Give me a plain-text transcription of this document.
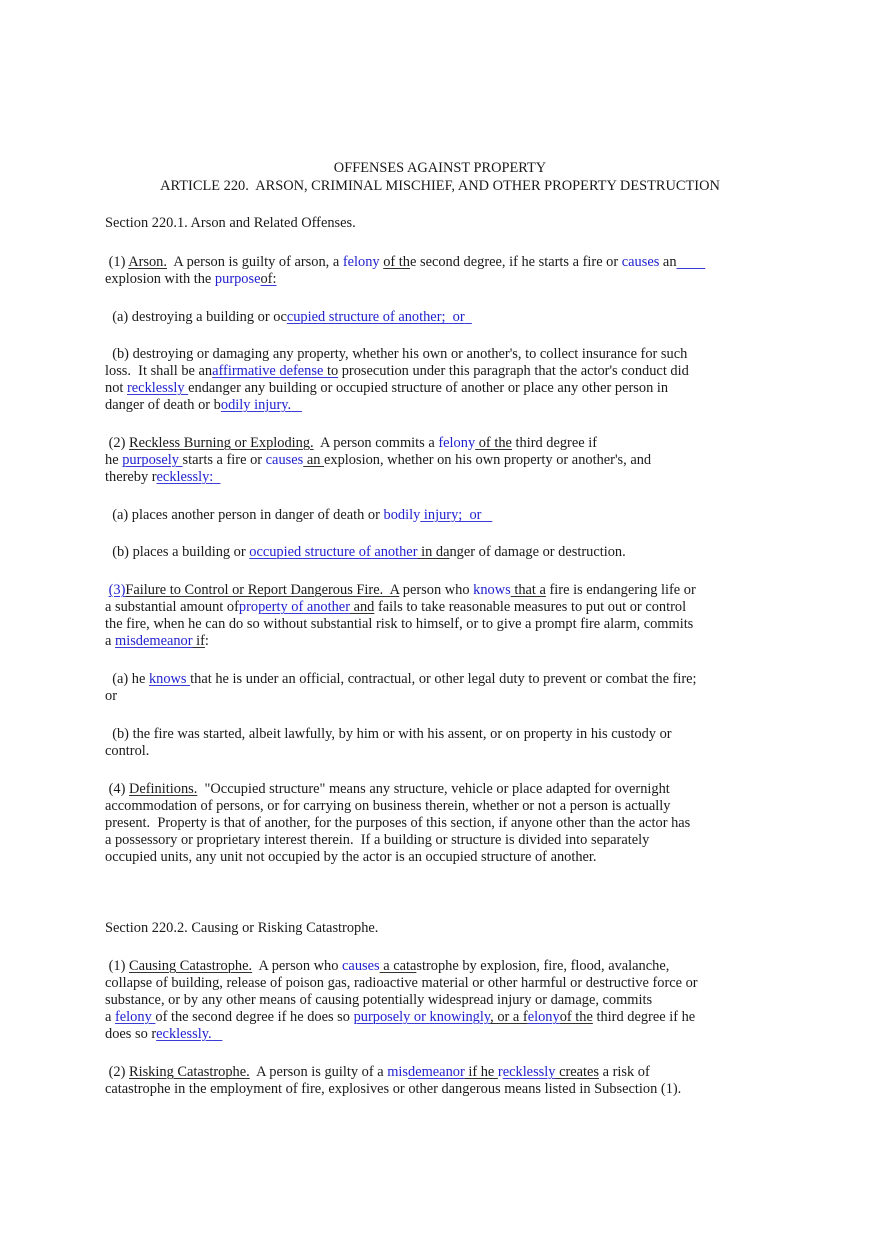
OFFENSES AGAINST PROPERTY
ARTICLE 220.  ARSON, CRIMINAL MISCHIEF, AND OTHER PROPERTY DESTRUCTION
Section 220.1. Arson and Related Offenses.
(1) Arson.  A person is guilty of arson, a felony of the second degree, if he starts a fire or causes an
explosion with the purposeof:
(a) destroying a building or occupied structure of another;  or
(b) destroying or damaging any property, whether his own or another's, to collect insurance for such
loss.  It shall be anaffirmative defense to prosecution under this paragraph that the actor's conduct did
not recklessly endanger any building or occupied structure of another or place any other person in
danger of death or bodily injury.
(2) Reckless Burning or Exploding.  A person commits a felony of the third degree if
he purposely starts a fire or causes an explosion, whether on his own property or another's, and
thereby recklessly:
(a) places another person in danger of death or bodily injury;  or
(b) places a building or occupied structure of another in danger of damage or destruction.
(3)Failure to Control or Report Dangerous Fire.  A person who knows that a fire is endangering life or
a substantial amount ofproperty of another and fails to take reasonable measures to put out or control
the fire, when he can do so without substantial risk to himself, or to give a prompt fire alarm, commits
a misdemeanor if:
(a) he knows that he is under an official, contractual, or other legal duty to prevent or combat the fire;
or
(b) the fire was started, albeit lawfully, by him or with his assent, or on property in his custody or
control.
(4) Definitions.  "Occupied structure" means any structure, vehicle or place adapted for overnight
accommodation of persons, or for carrying on business therein, whether or not a person is actually
present.  Property is that of another, for the purposes of this section, if anyone other than the actor has
a possessory or proprietary interest therein.  If a building or structure is divided into separately
occupied units, any unit not occupied by the actor is an occupied structure of another.
Section 220.2. Causing or Risking Catastrophe.
(1) Causing Catastrophe.  A person who causes a catastrophe by explosion, fire, flood, avalanche,
collapse of building, release of poison gas, radioactive material or other harmful or destructive force or
substance, or by any other means of causing potentially widespread injury or damage, commits
a felony of the second degree if he does so purposely or knowingly, or a felonyof the third degree if he
does so recklessly.
(2) Risking Catastrophe.  A person is guilty of a misdemeanor if he recklessly creates a risk of
catastrophe in the employment of fire, explosives or other dangerous means listed in Subsection (1).
